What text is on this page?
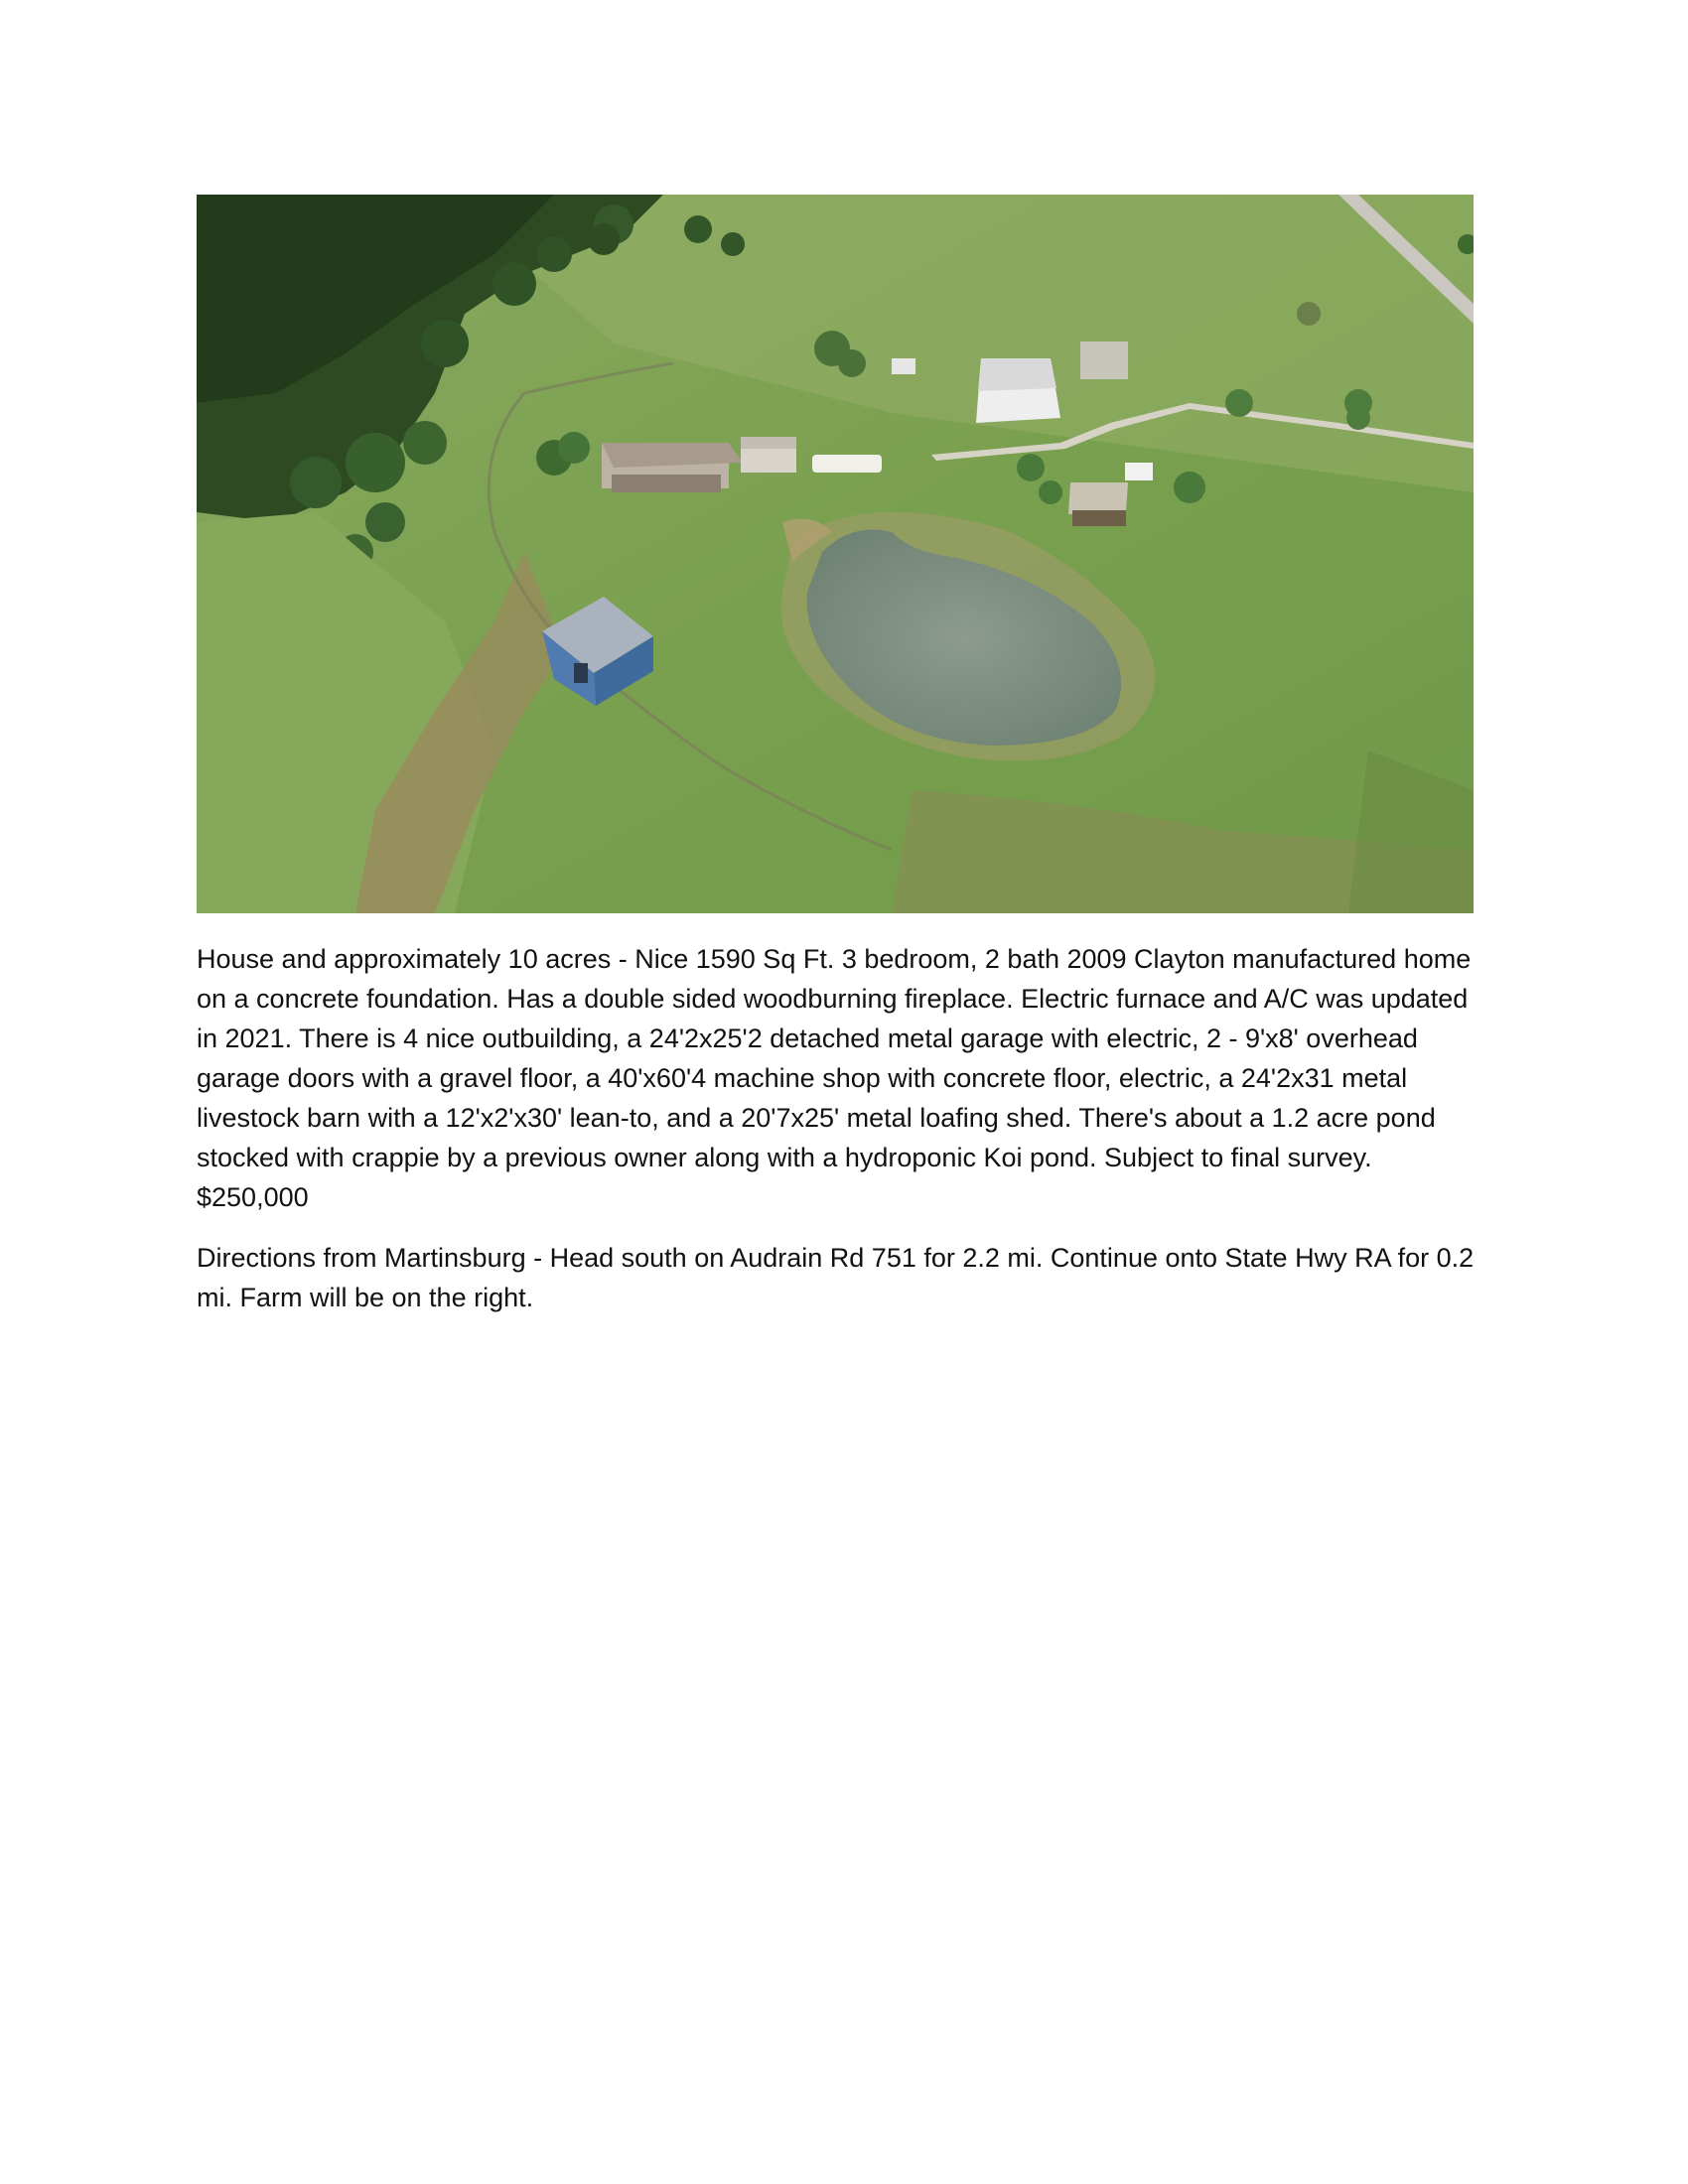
House and approximately 10 acres - Nice 1590 Sq Ft. 3 bedroom, 2 bath 2009 Clayton manufactured home on a concrete foundation. Has a double sided woodburning fireplace. Electric furnace and A/C was updated in 2021. There is 4 nice outbuilding, a 24'2x25'2 detached metal garage with electric, 2 - 9'x8' overhead garage doors with a gravel floor, a 40'x60'4 machine shop with concrete floor, electric, a 24'2x31 metal livestock barn with a 12'x2'x30' lean-to, and a 20'7x25' metal loafing shed. There's about a 1.2 acre pond stocked with crappie by a previous owner along with a hydroponic Koi pond. Subject to final survey. $250,000

Directions from Martinsburg - Head south on Audrain Rd 751 for 2.2 mi. Continue onto State Hwy RA for 0.2 mi. Farm will be on the right.
